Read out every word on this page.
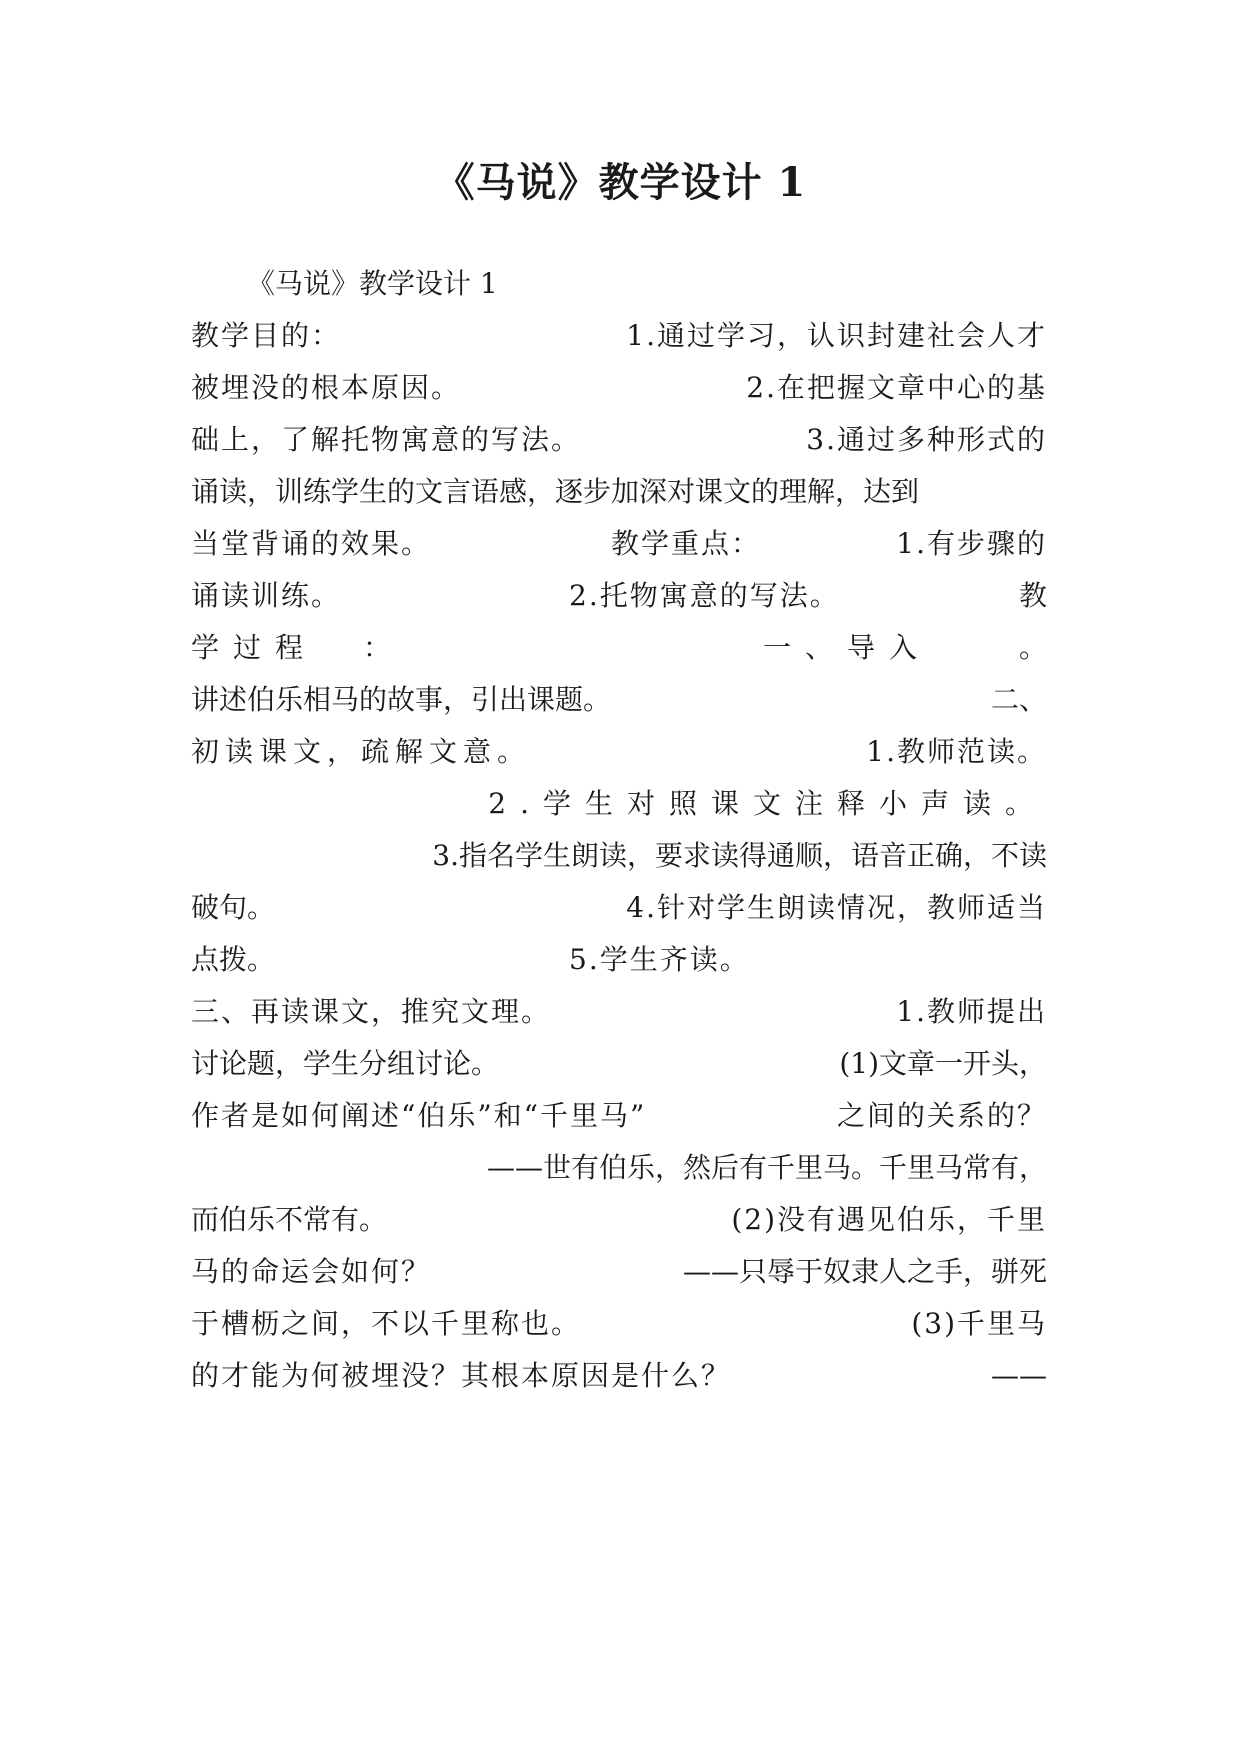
《马说》教学设计 1
《马说》教学设计 1
教学目的：	1.通过学习，认识封建社会人才
被埋没的根本原因。	2.在把握文章中心的基
础上，了解托物寓意的写法。	3.通过多种形式的
诵读，训练学生的文言语感，逐步加深对课文的理解，达到
当堂背诵的效果。	教学重点：	1.有步骤的
诵读训练。	2.托物寓意的写法。	教
学过程 ：	一、导入	。
讲述伯乐相马的故事，引出课题。	二、
初读课文，疏解文意。	1.教师范读。
2.学生对照课文注释小声读。
3.指名学生朗读，要求读得通顺，语音正确，不读
破句。	4.针对学生朗读情况，教师适当
点拨。	5.学生齐读。
三、再读课文，推究文理。	1.教师提出
讨论题，学生分组讨论。	(1)文章一开头，
作者是如何阐述“伯乐”和“千里马”	之间的关系的？
——世有伯乐，然后有千里马。千里马常有，
而伯乐不常有。	(2)没有遇见伯乐，千里
马的命运会如何？	——只辱于奴隶人之手，骈死
于槽枥之间，不以千里称也。	(3)千里马
的才能为何被埋没？其根本原因是什么？	——
